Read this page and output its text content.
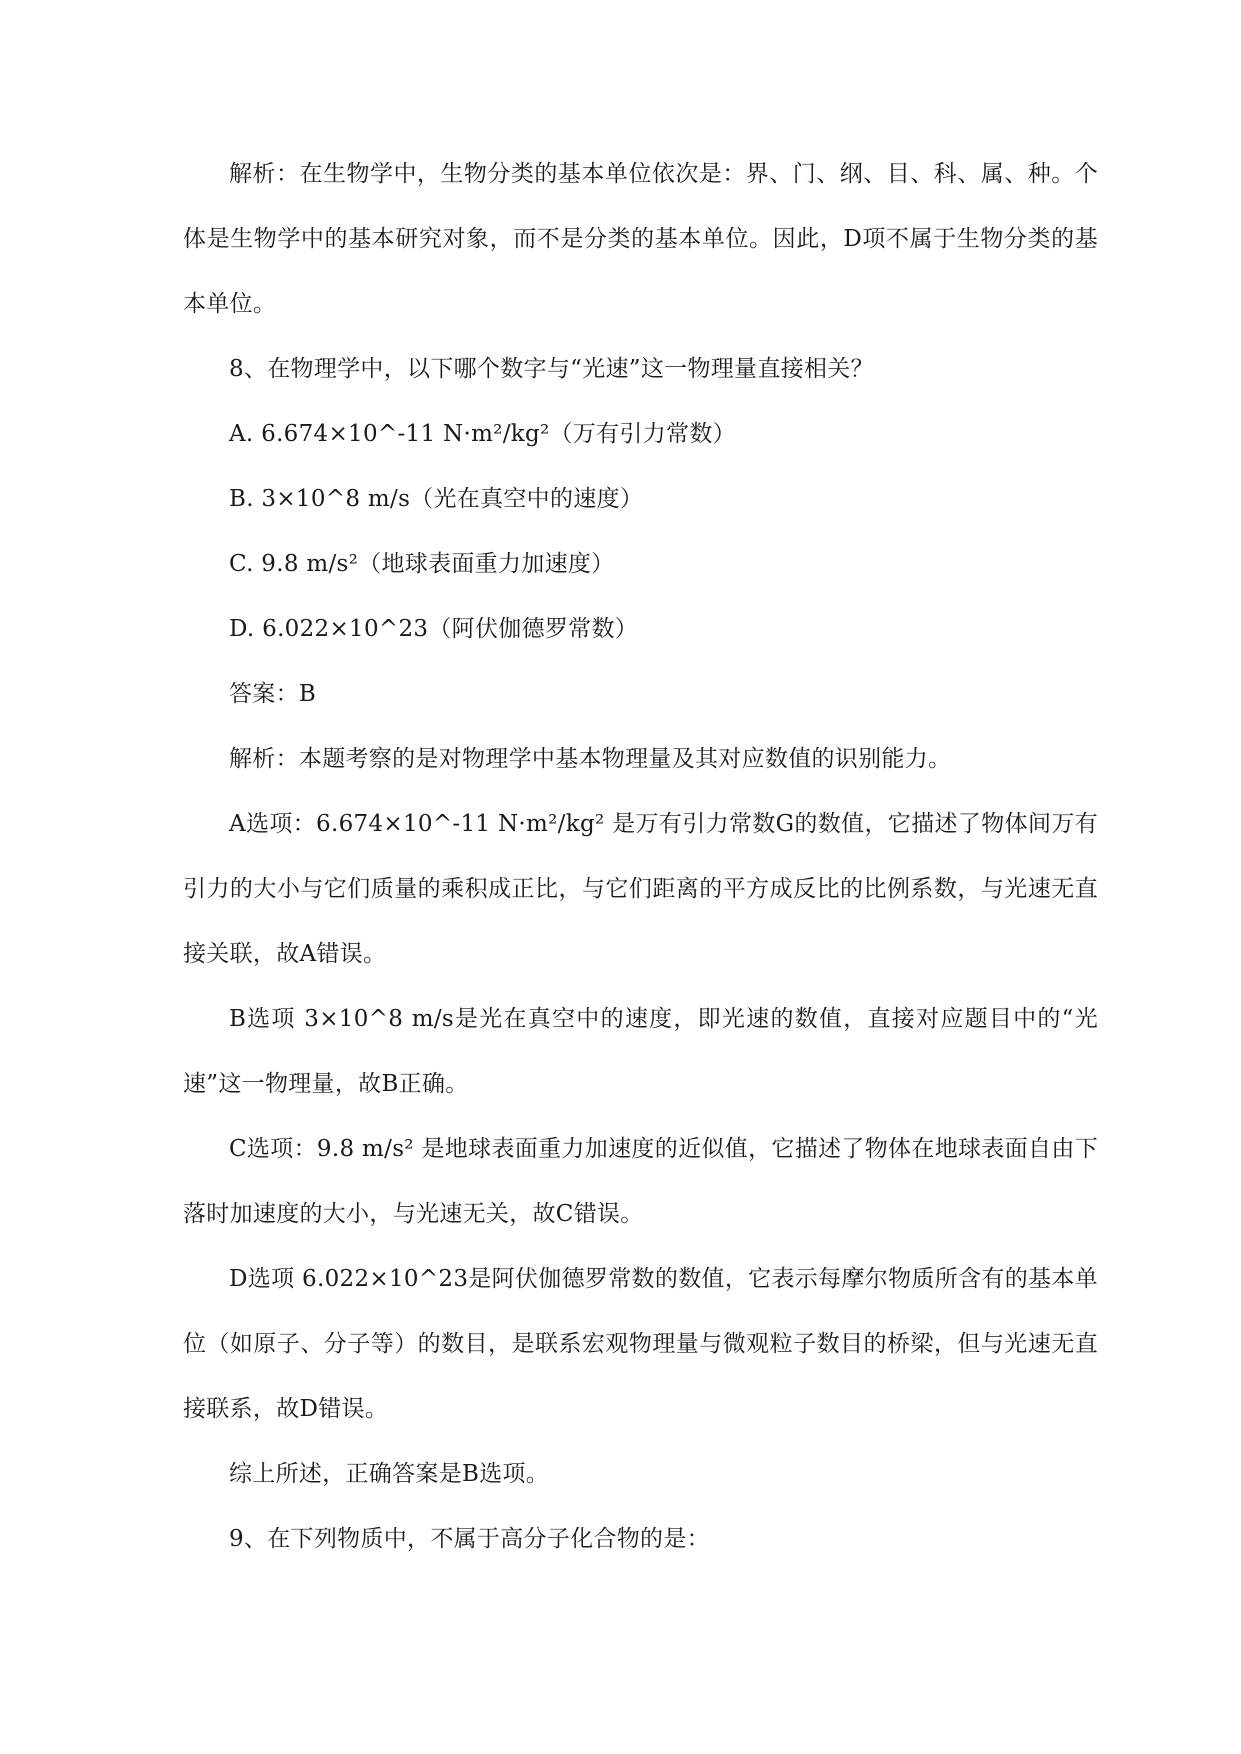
解析：在生物学中，生物分类的基本单位依次是：界、门、纲、目、科、属、种。个体是生物学中的基本研究对象，而不是分类的基本单位。因此，D项不属于生物分类的基本单位。

8、在物理学中，以下哪个数字与“光速”这一物理量直接相关？

A. 6.674×10^-11 N·m²/kg²（万有引力常数）

B. 3×10^8 m/s（光在真空中的速度）

C. 9.8 m/s²（地球表面重力加速度）

D. 6.022×10^23（阿伏伽德罗常数）

答案：B

解析：本题考察的是对物理学中基本物理量及其对应数值的识别能力。

A选项：6.674×10^-11 N·m²/kg² 是万有引力常数G的数值，它描述了物体间万有引力的大小与它们质量的乘积成正比，与它们距离的平方成反比的比例系数，与光速无直接关联，故A错误。

B选项 3×10^8 m/s是光在真空中的速度，即光速的数值，直接对应题目中的“光速”这一物理量，故B正确。

C选项：9.8 m/s² 是地球表面重力加速度的近似值，它描述了物体在地球表面自由下落时加速度的大小，与光速无关，故C错误。

D选项 6.022×10^23是阿伏伽德罗常数的数值，它表示每摩尔物质所含有的基本单位（如原子、分子等）的数目，是联系宏观物理量与微观粒子数目的桥梁，但与光速无直接联系，故D错误。

综上所述，正确答案是B选项。

9、在下列物质中，不属于高分子化合物的是：
